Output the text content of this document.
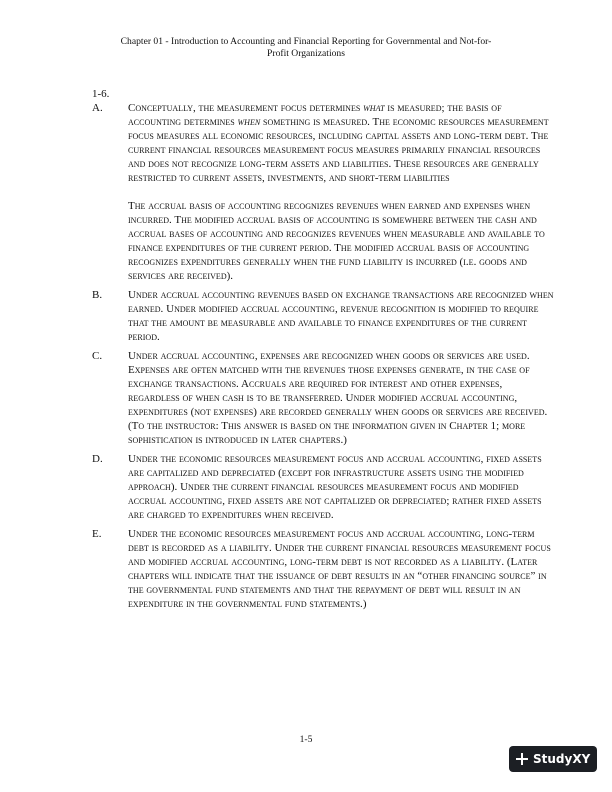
Chapter 01 - Introduction to Accounting and Financial Reporting for Governmental and Not-for-Profit Organizations
1-6.
A.	Conceptually, the measurement focus determines what is measured; the basis of accounting determines when something is measured. The economic resources measurement focus measures all economic resources, including capital assets and long-term debt. The current financial resources measurement focus measures primarily financial resources and does not recognize long-term assets and liabilities. These resources are generally restricted to current assets, investments, and short-term liabilities

The accrual basis of accounting recognizes revenues when earned and expenses when incurred. The modified accrual basis of accounting is somewhere between the cash and accrual bases of accounting and recognizes revenues when measurable and available to finance expenditures of the current period. The modified accrual basis of accounting recognizes expenditures generally when the fund liability is incurred (i.e. goods and services are received).

B.	Under accrual accounting revenues based on exchange transactions are recognized when earned. Under modified accrual accounting, revenue recognition is modified to require that the amount be measurable and available to finance expenditures of the current period.

C.	Under accrual accounting, expenses are recognized when goods or services are used. Expenses are often matched with the revenues those expenses generate, in the case of exchange transactions. Accruals are required for interest and other expenses, regardless of when cash is to be transferred. Under modified accrual accounting, expenditures (not expenses) are recorded generally when goods or services are received. (To the instructor: This answer is based on the information given in Chapter 1; more sophistication is introduced in later chapters.)

D.	Under the economic resources measurement focus and accrual accounting, fixed assets are capitalized and depreciated (except for infrastructure assets using the modified approach). Under the current financial resources measurement focus and modified accrual accounting, fixed assets are not capitalized or depreciated; rather fixed assets are charged to expenditures when received.

E.	Under the economic resources measurement focus and accrual accounting, long-term debt is recorded as a liability. Under the current financial resources measurement focus and modified accrual accounting, long-term debt is not recorded as a liability. (Later chapters will indicate that the issuance of debt results in an “other financing source” in the governmental fund statements and that the repayment of debt will result in an expenditure in the governmental fund statements.)

1-5
StudyXY
